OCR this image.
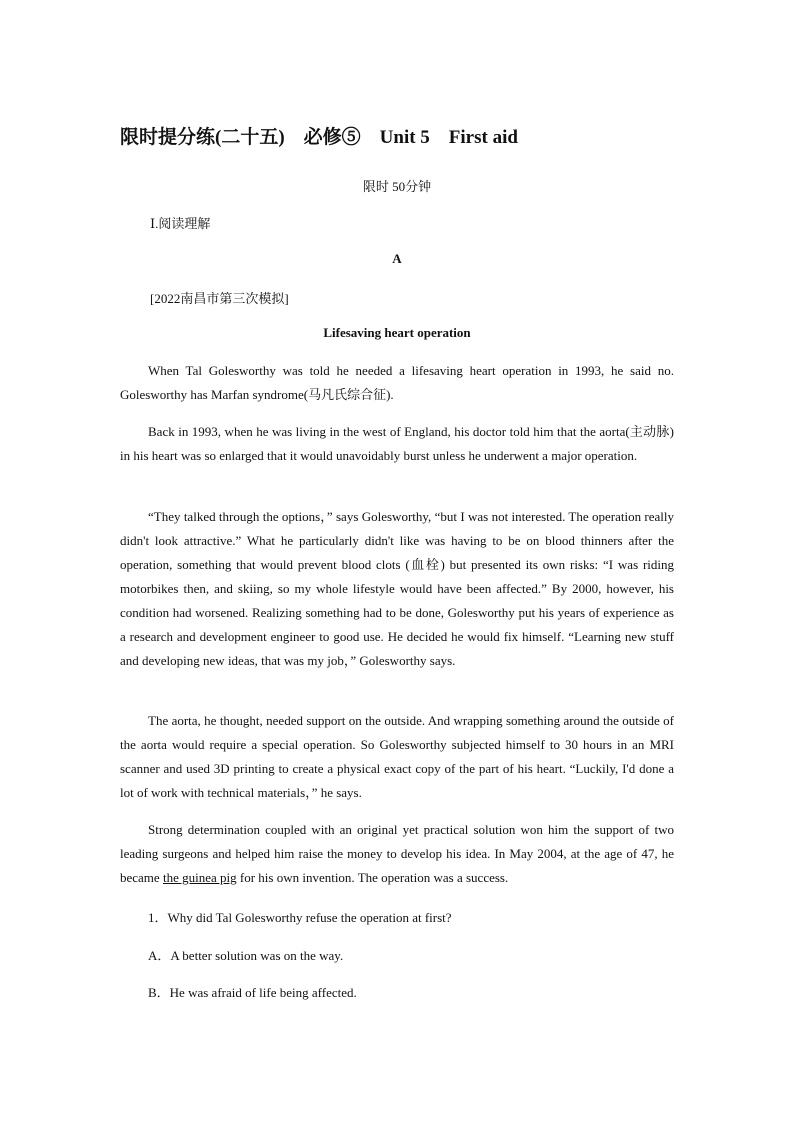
限时提分练(二十五)　必修⑤　Unit 5　First aid
限时 50分钟
Ⅰ.阅读理解
A
[2022南昌市第三次模拟]
Lifesaving heart operation

When Tal Golesworthy was told he needed a lifesaving heart operation in 1993, he said no. Golesworthy has Marfan syndrome(马凡氏综合征).

Back in 1993, when he was living in the west of England, his doctor told him that the aorta(主动脉) in his heart was so enlarged that it would unavoidably burst unless he underwent a major operation.

“They talked through the options，” says Golesworthy, “but I was not interested. The operation really didn't look attractive.” What he particularly didn't like was having to be on blood thinners after the operation, something that would prevent blood clots (血栓) but presented its own risks: “I was riding motorbikes then, and skiing, so my whole lifestyle would have been affected.” By 2000, however, his condition had worsened. Realizing something had to be done, Golesworthy put his years of experience as a research and development engineer to good use. He decided he would fix himself. “Learning new stuff and developing new ideas, that was my job，” Golesworthy says.

The aorta, he thought, needed support on the outside. And wrapping something around the outside of the aorta would require a special operation. So Golesworthy subjected himself to 30 hours in an MRI scanner and used 3D printing to create a physical exact copy of the part of his heart. “Luckily, I'd done a lot of work with technical materials，” he says.

Strong determination coupled with an original yet practical solution won him the support of two leading surgeons and helped him raise the money to develop his idea. In May 2004, at the age of 47, he became the guinea pig for his own invention. The operation was a success.

1．Why did Tal Golesworthy refuse the operation at first?
A．A better solution was on the way.
B．He was afraid of life being affected.
